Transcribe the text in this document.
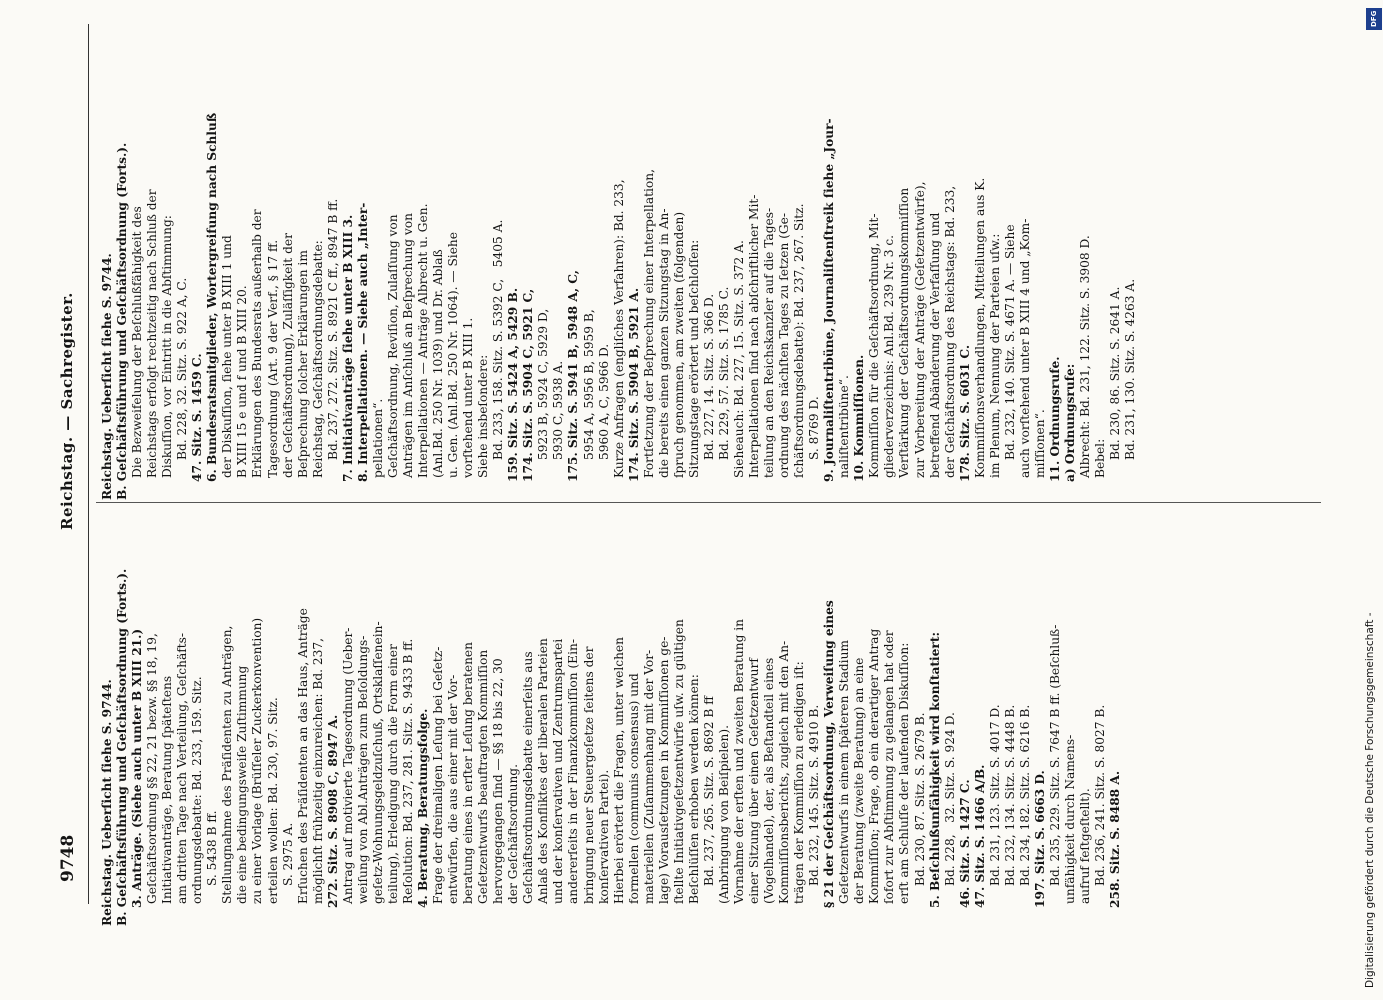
9748
Reichstag. — Sachregister.

Reichstag. Ueberſicht ſiehe S. 9744. B. Geſchäftsführung und Geſchäftsordnung (Forts.). 3. Anträge. (Siehe auch unter B XIII 21.) Geſchäftsordnung §§ 22, 21 bezw. §§ 18, 19, Initiativanträge, Beratung ſpäteſtens am dritten Tage nach Verteilung, Geſchäfts- ordnungsdebatte: Bd. 233, 159. Sitz. S. 5438 B ff. Stellungnahme des Präſidenten zu Anträgen, die eine bedingungsweiſe Zuſtimmung zu einer Vorlage (Brüſſeler Zuckerkonvention) erteilen wollen: Bd. 230, 97. Sitz. S. 2975 A. Erſuchen des Präſidenten an das Haus, Anträge möglichſt frühzeitig einzureichen: Bd. 237, 272. Sitz. S. 8908 C, 8947 A. Antrag auf motivierte Tagesordnung (Ueber- weiſung von Abl.Anträgen zum Beſoldungs- geſetz-Wohnungsgeldzuſchuß, Ortsklaſſenein- teilung), Erledigung durch die Form einer Reſolution: Bd. 237, 281. Sitz. S. 9433 B ff. 4. Beratung, Beratungsfolge. Frage der dreimaligen Leſung bei Geſetz- entwürfen, die aus einer mit der Vor- beratung eines in erſter Leſung beratenen Geſetzentwurfs beauftragten Kommiſſion hervorgegangen ſind — §§ 18 bis 22, 30 der Geſchäftsordnung. Geſchäftsordnungsdebatte einerſeits aus Anlaß des Konfliktes der liberalen Parteien und der konſervativen und Zentrumspartei andererſeits in der Finanzkommiſſion (Ein- bringung neuer Steuergeſetze ſeitens der konſervativen Partei). Hierbei erörtert die Fragen, unter welchen formellen (communis consensus) und materiellen (Zuſammenhang mit der Vor- lage) Vorausſetzungen in Kommiſſionen ge- ſtellte Initiativgeſetzentwürfe uſw. zu gültigen Beſchlüſſen erhoben werden können: Bd. 237, 265. Sitz. S. 8692 B ff (Anbringung von Beiſpielen). Vornahme der erſten und zweiten Beratung in einer Sitzung über einen Geſetzentwurf (Vogelhandel), der, als Beſtandteil eines Kommiſſionsberichts, zugleich mit den An- trägen der Kommiſſion zu erledigen iſt: Bd. 232, 145. Sitz. S. 4910 B. § 21 der Geſchäftsordnung, Verweiſung eines Geſetzentwurfs in einem ſpäteren Stadium der Beratung (zweite Beratung) an eine Kommiſſion; Frage, ob ein derartiger Antrag ſofort zur Abſtimmung zu gelangen hat oder erſt am Schluſſe der laufenden Diskuſſion: Bd. 230, 87. Sitz. S. 2679 B. 5. Beſchlußunfähigkeit wird konſtatiert: Bd. 228,   32. Sitz. S. 924 D. 46. Sitz. S. 1427 C. 47. Sitz. S. 1466 A/B. Bd. 231, 123. Sitz. S. 4017 D. Bd. 232, 134. Sitz. S. 4448 B. Bd. 234, 182. Sitz. S. 6216 B. 197. Sitz. S. 6663 D. Bd. 235, 229. Sitz. S. 7647 B ff. (Beſchluß- unfähigkeit durch Namens- aufruf feſtgeſtellt). Bd. 236, 241. Sitz. S. 8027 B. 258. Sitz. S. 8488 A.

Reichstag. Ueberſicht ſiehe S. 9744. B. Geſchäftsführung und Geſchäftsordnung (Forts.). Die Bezweifelung der Beſchlußfähigkeit des Reichstags erfolgt rechtzeitig nach Schluß der Diskuſſion, vor Eintritt in die Abſtimmung: Bd. 228, 32. Sitz. S. 922 A, C. 47. Sitz. S. 1459 C. 6. Bundesratsmitglieder, Wortergreifung nach Schluß der Diskuſſion, ſiehe unter B XIII 1 und B XIII 15 e und f und B XIII 20. Erklärungen des Bundesrats außerhalb der Tagesordnung (Art. 9 der Verf., § 17 ff. der Geſchäftsordnung), Zuläſſigkeit der Beſprechung ſolcher Erklärungen im Reichstag, Geſchäftsordnungsdebatte: Bd. 237, 272. Sitz. S. 8921 C ff., 8947 B ff. 7. Initiativanträge ſiehe unter B XIII 3. 8. Interpellationen. — Siehe auch „Inter- pellationen“. Geſchäftsordnung, Reviſion, Zulaſſung von Anträgen im Anſchluß an Beſprechung von Interpellationen — Anträge Albrecht u. Gen. (Anl.Bd. 250 Nr. 1039) und Dr. Ablaß u. Gen. (Anl.Bd. 250 Nr. 1064). — Siehe vorſtehend unter B XIII 1. Siehe insbeſondere: Bd. 233, 158. Sitz. S. 5392 C,   5405 A. 159. Sitz. S. 5424 A, 5429 B. 174. Sitz. S. 5904 C, 5921 C, 5923 B, 5924 C, 5929 D, 5930 C, 5938 A. 175. Sitz. S. 5941 B, 5948 A, C, 5954 A, 5956 B, 5959 B, 5960 A, C, 5966 D. Kurze Anfragen (engliſches Verfahren): Bd. 233, 174. Sitz. S. 5904 B, 5921 A. Fortſetzung der Beſprechung einer Interpellation, die bereits einen ganzen Sitzungstag in An- ſpruch genommen, am zweiten (folgenden) Sitzungstage erörtert und beſchloſſen: Bd. 227, 14. Sitz. S. 366 D. Bd. 229, 57. Sitz. S. 1785 C. Sieheauch: Bd. 227, 15. Sitz. S. 372 A. Interpellationen ſind nach abſchriftlicher Mit- teilung an den Reichskanzler auf die Tages- ordnung des nächſten Tages zu ſetzen (Ge- ſchäftsordnungsdebatte): Bd. 237, 267. Sitz. S. 8769 D. 9. Journaliſtentribüne, Journaliſtenſtreik ſiehe „Jour- naliſtentribüne“. 10. Kommiſſionen. Kommiſſion für die Geſchäftsordnung, Mit- gliederverzeichnis: Anl.Bd. 239 Nr. 3 c. Verſtärkung der Geſchäftsordnungskommiſſion zur Vorbereitung der Anträge (Geſetzentwürfe), betreffend Abänderung der Verfaſſung und der Geſchäftsordnung des Reichstags: Bd. 233, 178. Sitz. S. 6031 C. Kommiſſionsverhandlungen, Mitteilungen aus K. im Plenum, Nennung der Parteien uſw.: Bd. 232, 140. Sitz. S. 4671 A. — Siehe auch vorſtehend unter B XIII 4 und „Kom- miſſionen“. 11. Ordnungsrufe. a) Ordnungsrufe: Albrecht: Bd. 231, 122. Sitz. S. 3908 D. Bebel: Bd. 230, 86. Sitz. S. 2641 A. Bd. 231, 130. Sitz. S. 4263 A.

Digitalisierung gefördert durch die Deutsche Forschungsgemeinschaft -
DFG
